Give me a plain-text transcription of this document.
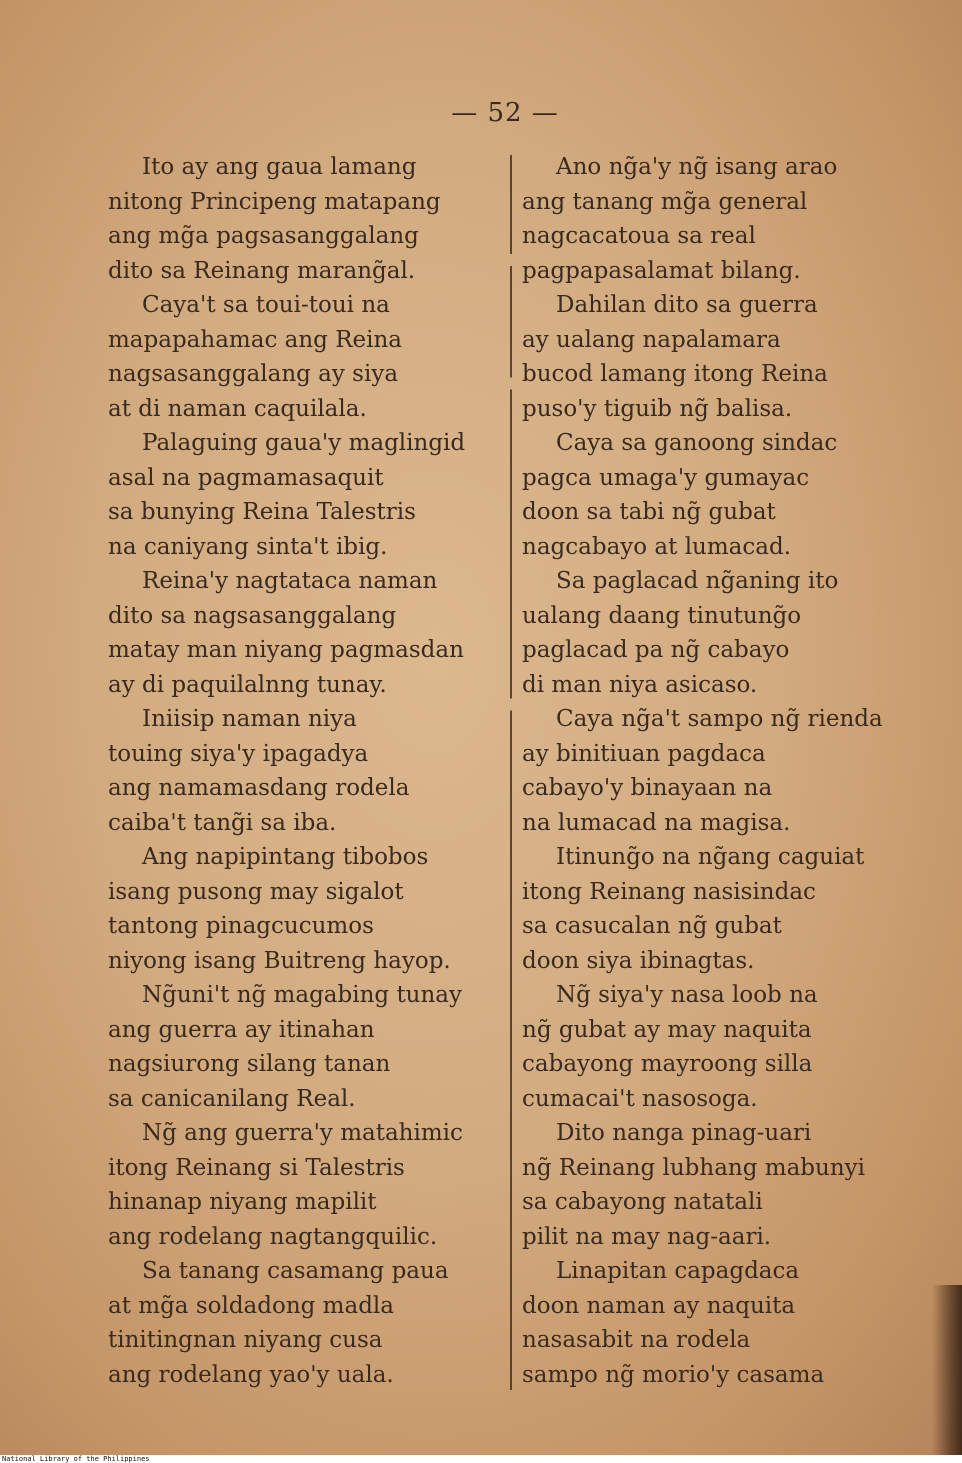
— 52 —
Ito ay ang gaua lamang
nitong Principeng matapang
ang mg̃a pagsasanggalang
dito sa Reinang marang̃al.
Caya't sa toui-toui na
mapapahamac ang Reina
nagsasanggalang ay siya
at di naman caquilala.
Palaguing gaua'y maglingid
asal na pagmamasaquit
sa bunying Reina Talestris
na caniyang sinta't ibig.
Reina'y nagtataca naman
dito sa nagsasanggalang
matay man niyang pagmasdan
ay di paquilalnng tunay.
Iniisip naman niya
touing siya'y ipagadya
ang namamasdang rodela
caiba't tang̃i sa iba.
Ang napipintang tibobos
isang pusong may sigalot
tantong pinagcucumos
niyong isang Buitreng hayop.
Ng̃uni't ng̃ magabing tunay
ang guerra ay itinahan
nagsiurong silang tanan
sa canicanilang Real.
Ng̃ ang guerra'y matahimic
itong Reinang si Talestris
hinanap niyang mapilit
ang rodelang nagtangquilic.
Sa tanang casamang paua
at mg̃a soldadong madla
tinitingnan niyang cusa
ang rodelang yao'y uala.
Ano ng̃a'y ng̃ isang arao
ang tanang mg̃a general
nagcacatoua sa real
pagpapasalamat bilang.
Dahilan dito sa guerra
ay ualang napalamara
bucod lamang itong Reina
puso'y tiguib ng̃ balisa.
Caya sa ganoong sindac
pagca umaga'y gumayac
doon sa tabi ng̃ gubat
nagcabayo at lumacad.
Sa paglacad ng̃aning ito
ualang daang tinutung̃o
paglacad pa ng̃ cabayo
di man niya asicaso.
Caya ng̃a't sampo ng̃ rienda
ay binitiuan pagdaca
cabayo'y binayaan na
na lumacad na magisa.
Itinung̃o na ng̃ang caguiat
itong Reinang nasisindac
sa casucalan ng̃ gubat
doon siya ibinagtas.
Ng̃ siya'y nasa loob na
ng̃ gubat ay may naquita
cabayong mayroong silla
cumacai't nasosoga.
Dito nanga pinag-uari
ng̃ Reinang lubhang mabunyi
sa cabayong natatali
pilit na may nag-aari.
Linapitan capagdaca
doon naman ay naquita
nasasabit na rodela
sampo ng̃ morio'y casama
National Library of the Philippines
